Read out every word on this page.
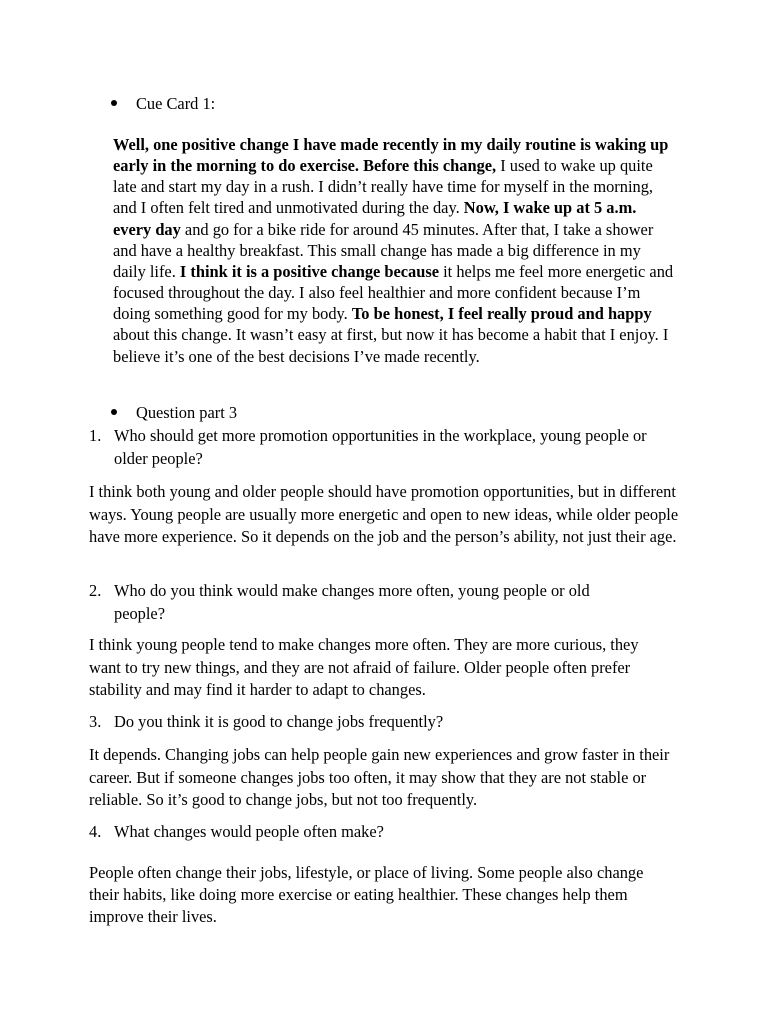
Cue Card 1:
Well, one positive change I have made recently in my daily routine is waking up early in the morning to do exercise. Before this change, I used to wake up quite late and start my day in a rush. I didn’t really have time for myself in the morning, and I often felt tired and unmotivated during the day. Now, I wake up at 5 a.m. every day and go for a bike ride for around 45 minutes. After that, I take a shower and have a healthy breakfast. This small change has made a big difference in my daily life. I think it is a positive change because it helps me feel more energetic and focused throughout the day. I also feel healthier and more confident because I’m doing something good for my body. To be honest, I feel really proud and happy about this change. It wasn’t easy at first, but now it has become a habit that I enjoy. I believe it’s one of the best decisions I’ve made recently.
Question part 3
1. Who should get more promotion opportunities in the workplace, young people or older people?
I think both young and older people should have promotion opportunities, but in different ways. Young people are usually more energetic and open to new ideas, while older people have more experience. So it depends on the job and the person’s ability, not just their age.
2. Who do you think would make changes more often, young people or old people?
I think young people tend to make changes more often. They are more curious, they want to try new things, and they are not afraid of failure. Older people often prefer stability and may find it harder to adapt to changes.
3. Do you think it is good to change jobs frequently?
It depends. Changing jobs can help people gain new experiences and grow faster in their career. But if someone changes jobs too often, it may show that they are not stable or reliable. So it’s good to change jobs, but not too frequently.
4. What changes would people often make?
People often change their jobs, lifestyle, or place of living. Some people also change their habits, like doing more exercise or eating healthier. These changes help them improve their lives.
